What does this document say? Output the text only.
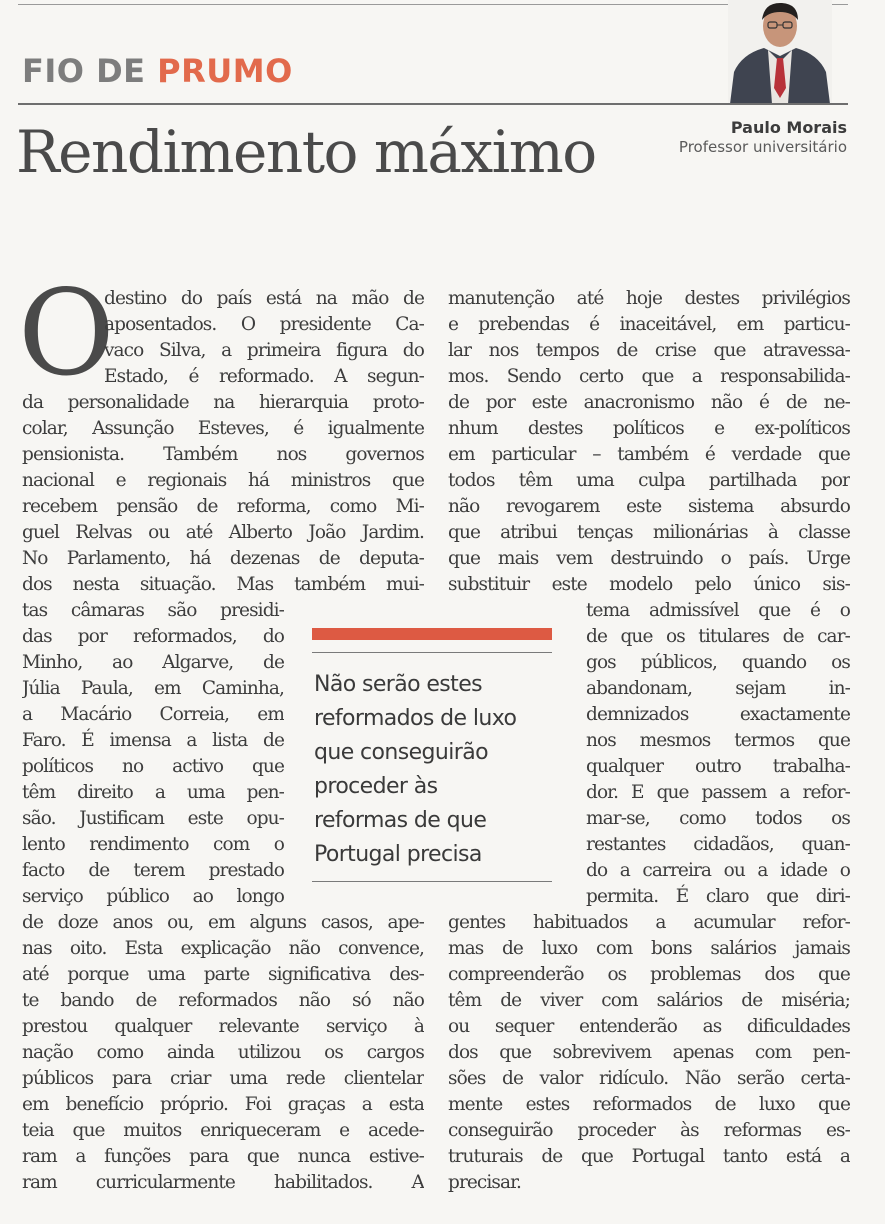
FIO DE PRUMO
Rendimento máximo	Paulo Morais
Professor universitário
O
destino do país está na mão de
aposentados. O presidente Ca-
vaco Silva, a primeira figura do
Estado, é reformado. A segun-
da personalidade na hierarquia proto-
colar, Assunção Esteves, é igualmente
pensionista. Também nos governos
nacional e regionais há ministros que
recebem pensão de reforma, como Mi-
guel Relvas ou até Alberto João Jardim.
No Parlamento, há dezenas de deputa-
dos nesta situação. Mas também mui-
tas câmaras são presidi-
das por reformados, do
Minho, ao Algarve, de
Júlia Paula, em Caminha,
a Macário Correia, em
Faro. É imensa a lista de
políticos no activo que
têm direito a uma pen-
são. Justificam este opu-
lento rendimento com o
facto de terem prestado
serviço público ao longo
de doze anos ou, em alguns casos, ape-
nas oito. Esta explicação não convence,
até porque uma parte significativa des-
te bando de reformados não só não
prestou qualquer relevante serviço à
nação como ainda utilizou os cargos
públicos para criar uma rede clientelar
em benefício próprio. Foi graças a esta
teia que muitos enriqueceram e acede-
ram a funções para que nunca estive-
ram curricularmente habilitados. A
manutenção até hoje destes privilégios
e prebendas é inaceitável, em particu-
lar nos tempos de crise que atravessa-
mos. Sendo certo que a responsabilida-
de por este anacronismo não é de ne-
nhum destes políticos e ex-políticos
em particular – também é verdade que
todos têm uma culpa partilhada por
não revogarem este sistema absurdo
que atribui tenças milionárias à classe
que mais vem destruindo o país. Urge
substituir este modelo pelo único sis-
tema admissível que é o
de que os titulares de car-
gos públicos, quando os
abandonam, sejam in-
demnizados exactamente
nos mesmos termos que
qualquer outro trabalha-
dor. E que passem a refor-
mar-se, como todos os
restantes cidadãos, quan-
do a carreira ou a idade o
permita. É claro que diri-
gentes habituados a acumular refor-
mas de luxo com bons salários jamais
compreenderão os problemas dos que
têm de viver com salários de miséria;
ou sequer entenderão as dificuldades
dos que sobrevivem apenas com pen-
sões de valor ridículo. Não serão certa-
mente estes reformados de luxo que
conseguirão proceder às reformas es-
truturais de que Portugal tanto está a
precisar.
Não serão estes
reformados de luxo
que conseguirão
proceder às
reformas de que
Portugal precisa
